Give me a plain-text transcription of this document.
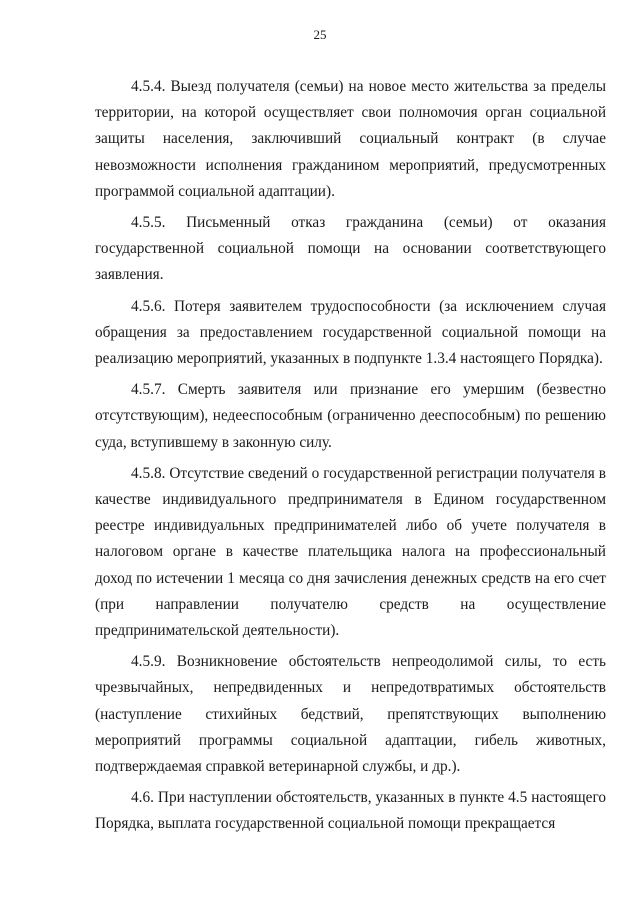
25

4.5.4. Выезд получателя (семьи) на новое место жительства за пределы территории, на которой осуществляет свои полномочия орган социальной защиты населения, заключивший социальный контракт (в случае невозможности исполнения гражданином мероприятий, предусмотренных программой социальной адаптации).

4.5.5. Письменный отказ гражданина (семьи) от оказания государственной социальной помощи на основании соответствующего заявления.

4.5.6. Потеря заявителем трудоспособности (за исключением случая обращения за предоставлением государственной социальной помощи на реализацию мероприятий, указанных в подпункте 1.3.4 настоящего Порядка).

4.5.7. Смерть заявителя или признание его умершим (безвестно отсутствующим), недееспособным (ограниченно дееспособным) по решению суда, вступившему в законную силу.

4.5.8. Отсутствие сведений о государственной регистрации получателя в качестве индивидуального предпринимателя в Едином государственном реестре индивидуальных предпринимателей либо об учете получателя в налоговом органе в качестве плательщика налога на профессиональный доход по истечении 1 месяца со дня зачисления денежных средств на его счет (при направлении получателю средств на осуществление предпринимательской деятельности).

4.5.9. Возникновение обстоятельств непреодолимой силы, то есть чрезвычайных, непредвиденных и непредотвратимых обстоятельств (наступление стихийных бедствий, препятствующих выполнению мероприятий программы социальной адаптации, гибель животных, подтверждаемая справкой ветеринарной службы, и др.).

4.6. При наступлении обстоятельств, указанных в пункте 4.5 настоящего Порядка, выплата государственной социальной помощи прекращается
